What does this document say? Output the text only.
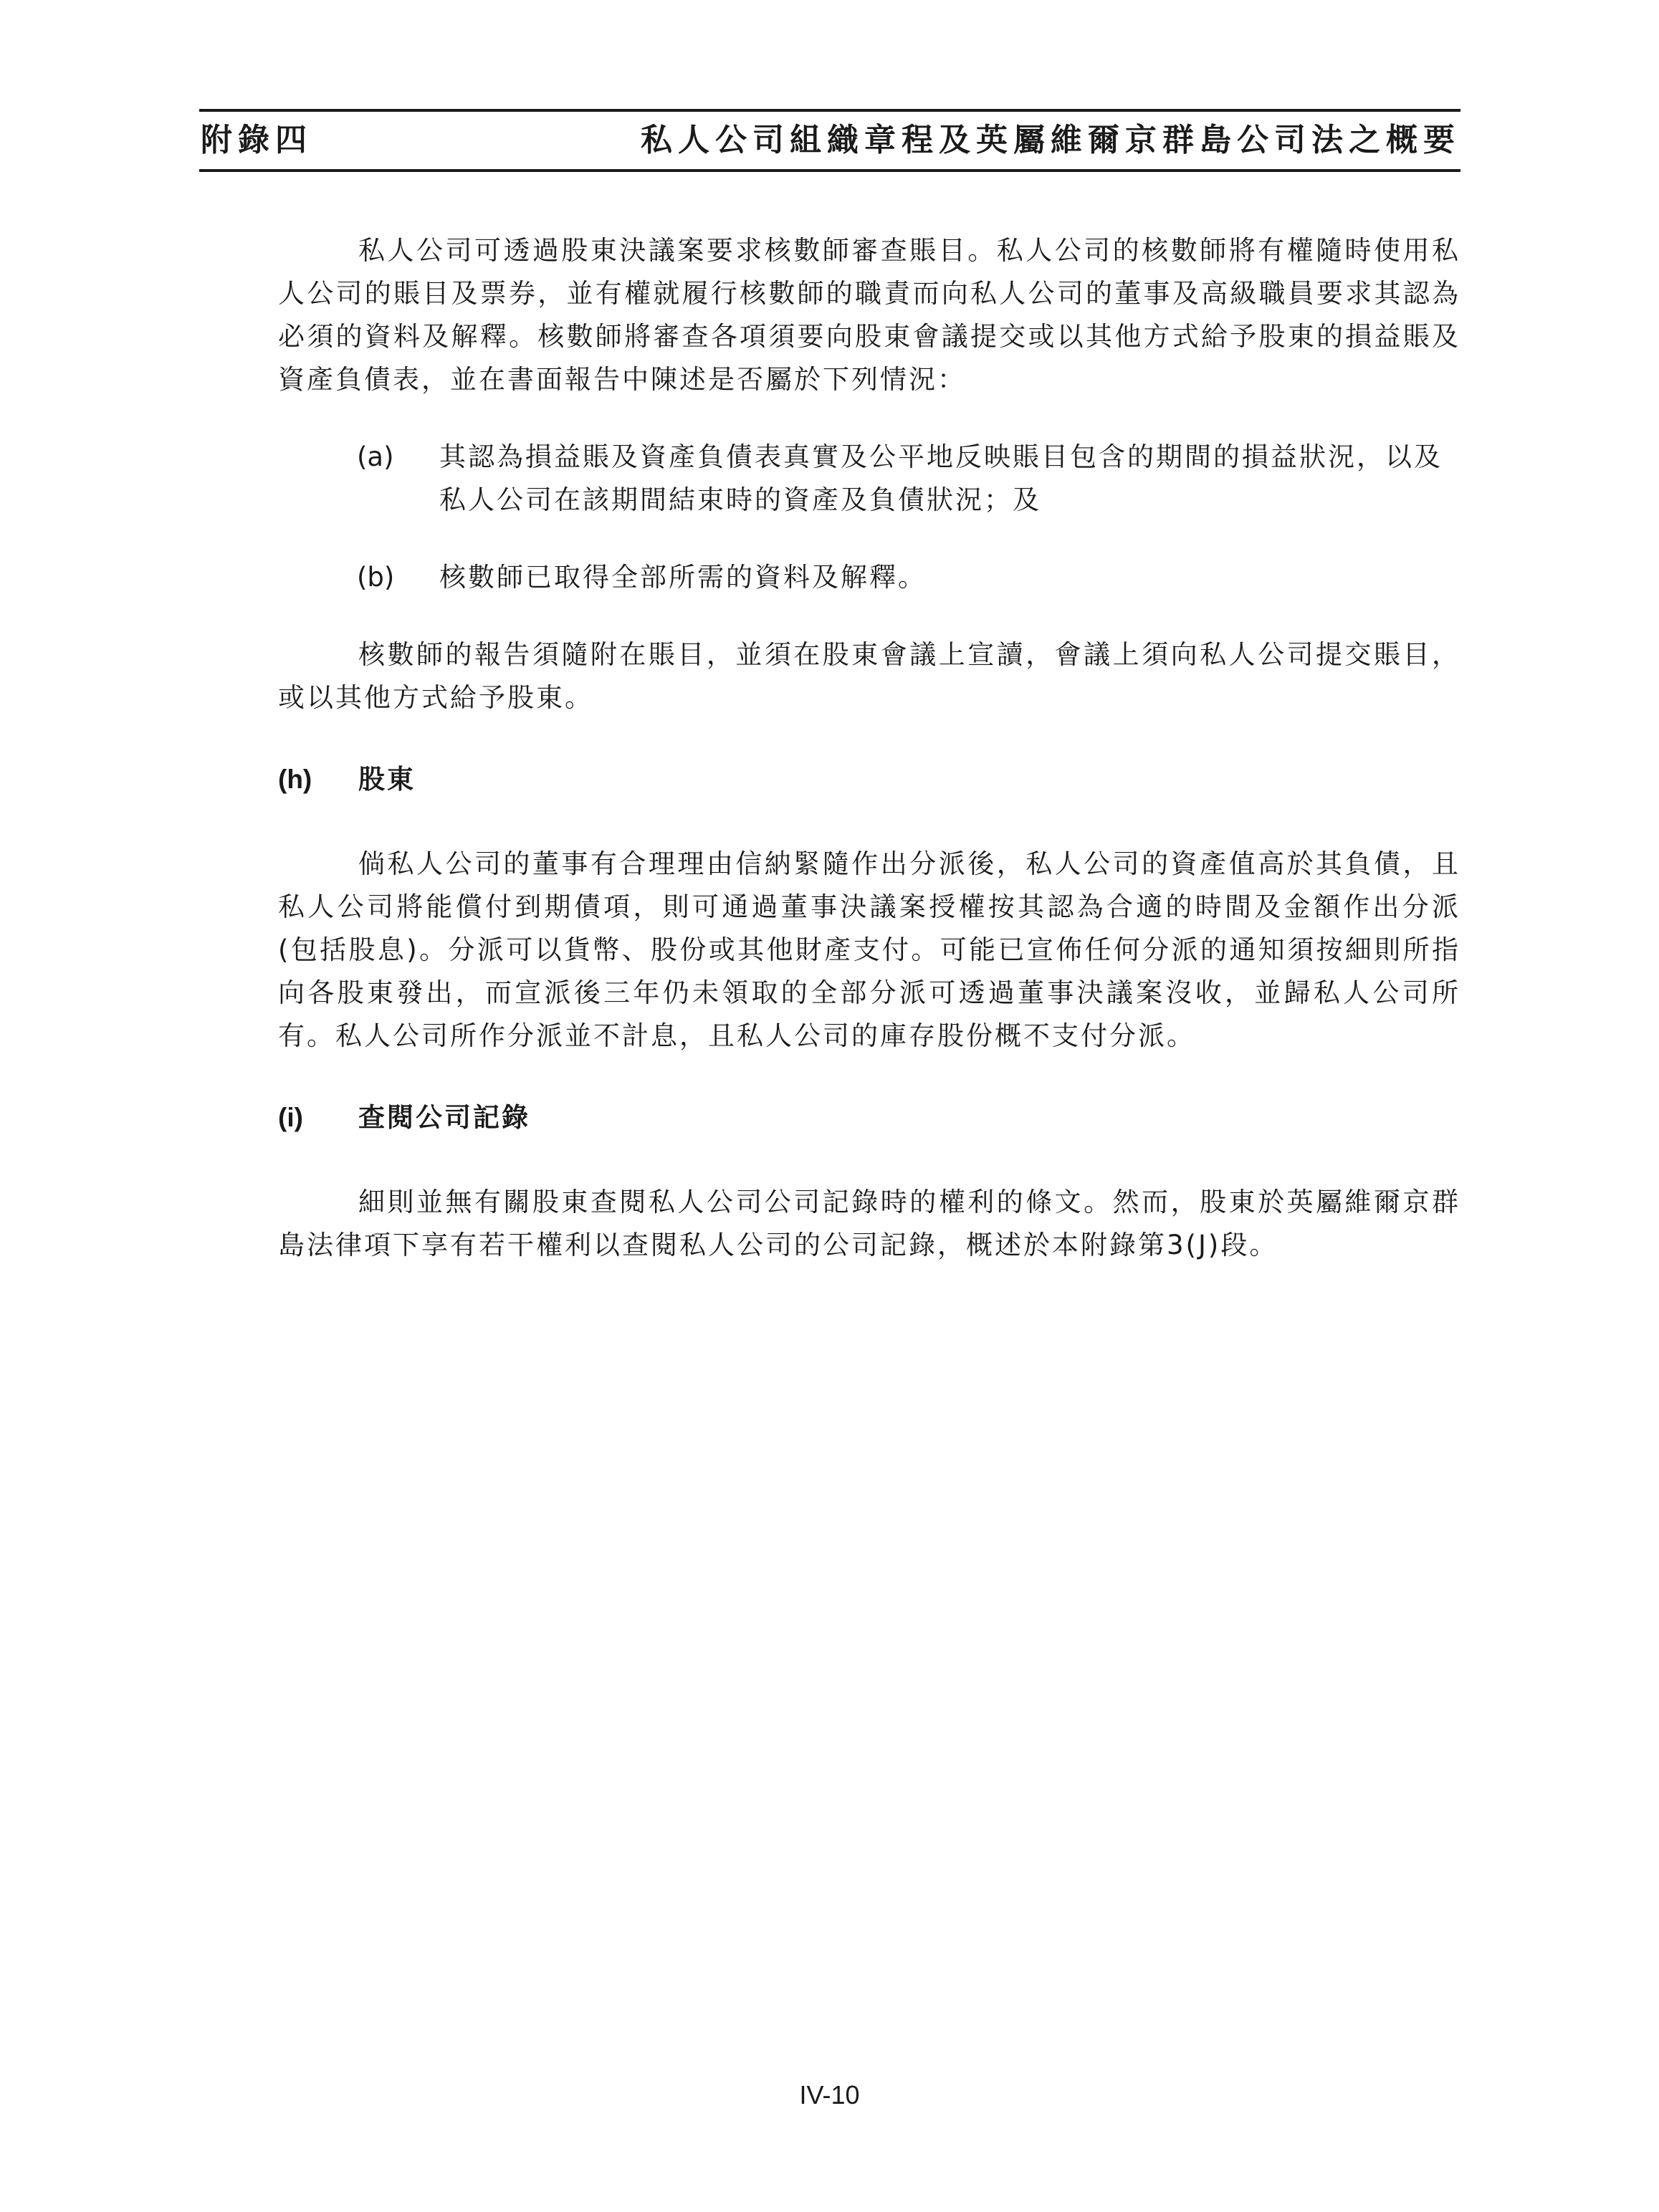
附錄四	私人公司組織章程及英屬維爾京群島公司法之概要

私人公司可透過股東決議案要求核數師審查賬目。私人公司的核數師將有權隨時使用私人公司的賬目及票券，並有權就履行核數師的職責而向私人公司的董事及高級職員要求其認為必須的資料及解釋。核數師將審查各項須要向股東會議提交或以其他方式給予股東的損益賬及資產負債表，並在書面報告中陳述是否屬於下列情況：

(a) 其認為損益賬及資產負債表真實及公平地反映賬目包含的期間的損益狀況，以及私人公司在該期間結束時的資產及負債狀況；及
(b) 核數師已取得全部所需的資料及解釋。

核數師的報告須隨附在賬目，並須在股東會議上宣讀，會議上須向私人公司提交賬目，或以其他方式給予股東。

(h) 股東

倘私人公司的董事有合理理由信納緊隨作出分派後，私人公司的資產值高於其負債，且私人公司將能償付到期債項，則可通過董事決議案授權按其認為合適的時間及金額作出分派(包括股息)。分派可以貨幣、股份或其他財產支付。可能已宣佈任何分派的通知須按細則所指向各股東發出，而宣派後三年仍未領取的全部分派可透過董事決議案沒收，並歸私人公司所有。私人公司所作分派並不計息，且私人公司的庫存股份概不支付分派。

(i) 查閱公司記錄

細則並無有關股東查閱私人公司公司記錄時的權利的條文。然而，股東於英屬維爾京群島法律項下享有若干權利以查閱私人公司的公司記錄，概述於本附錄第3(J)段。

IV-10
